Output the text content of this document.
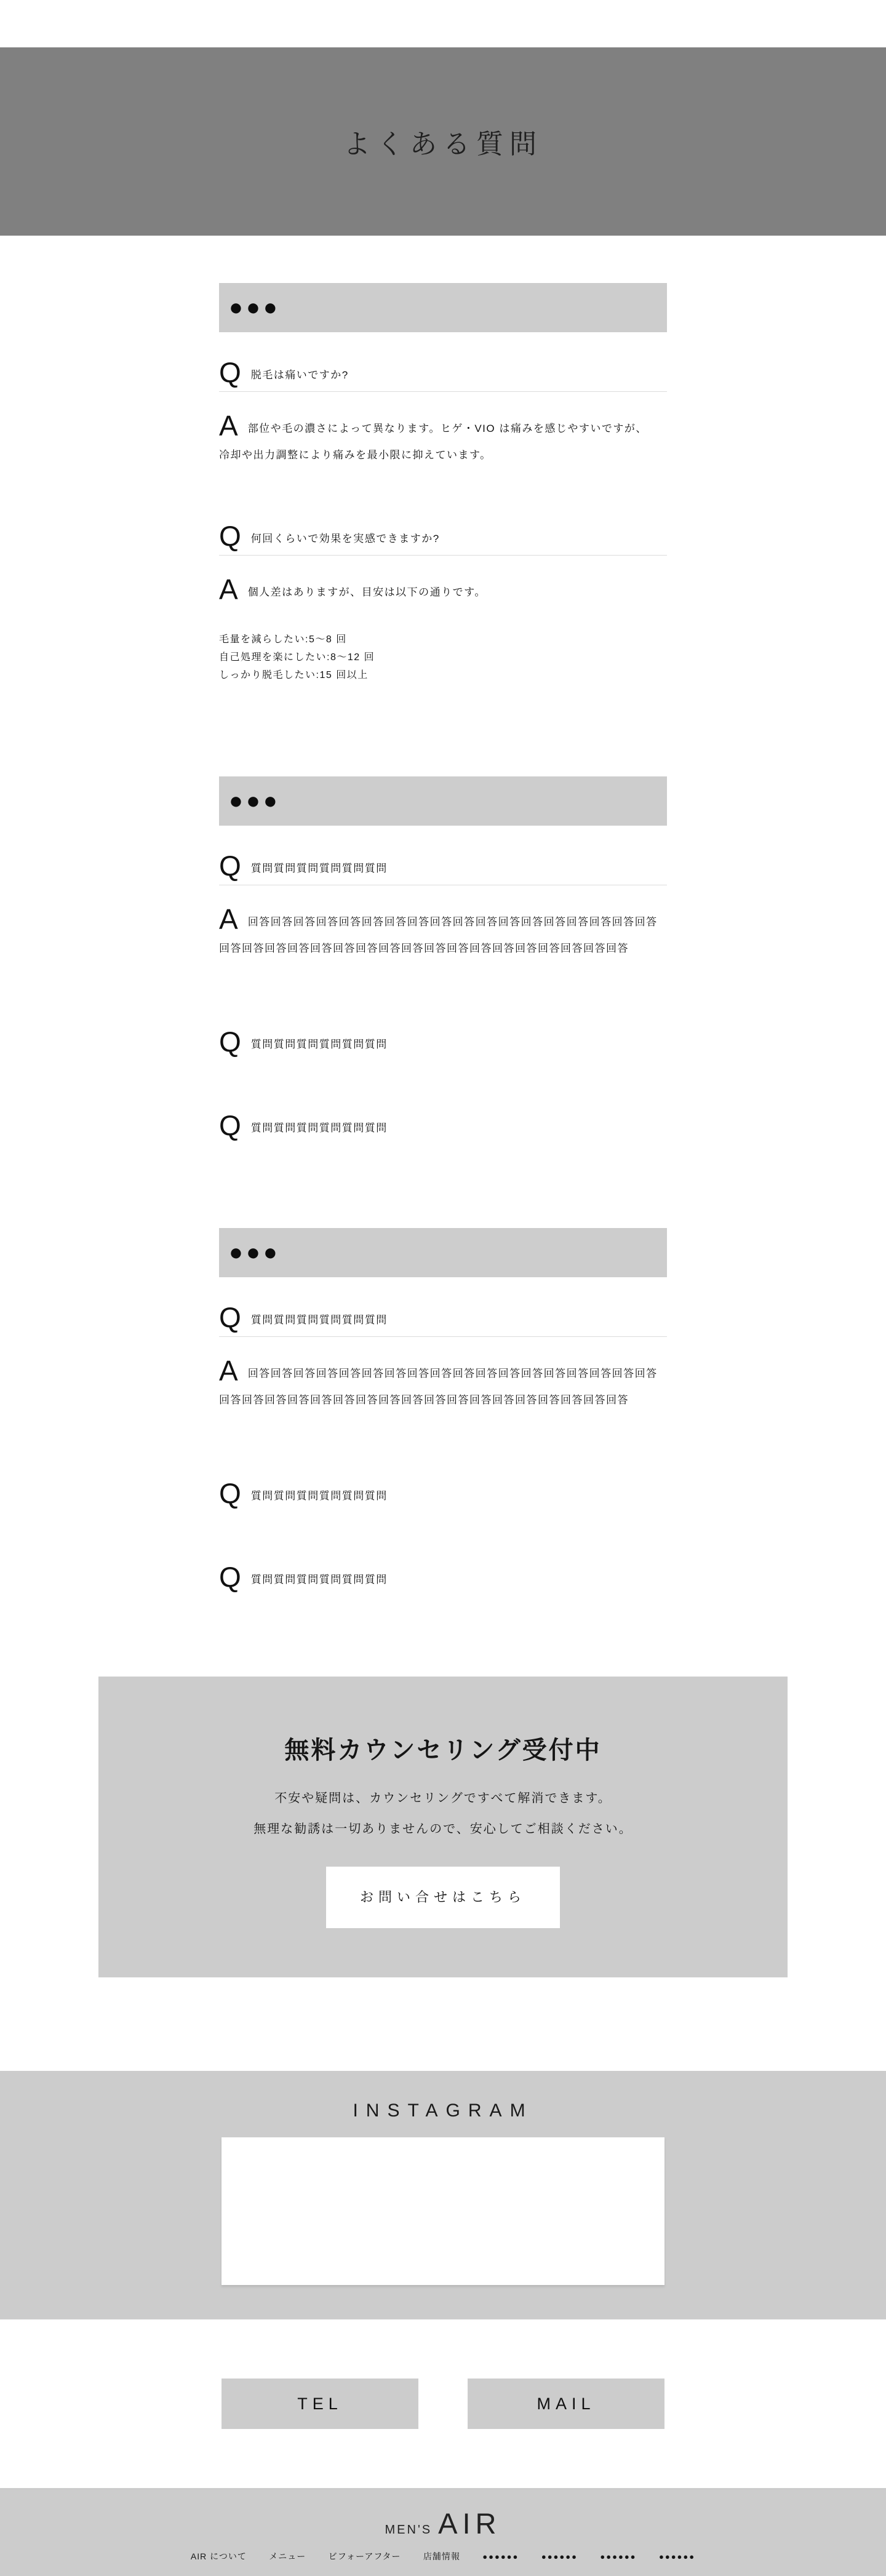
よくある質問
●●●
Q脱毛は痛いですか?
A部位や毛の濃さによって異なります。ヒゲ・VIO は痛みを感じやすいですが、
冷却や出力調整により痛みを最小限に抑えています。
Q何回くらいで効果を実感できますか?
A個人差はありますが、目安は以下の通りです。
毛量を減らしたい:5〜8 回
自己処理を楽にしたい:8〜12 回
しっかり脱毛したい:15 回以上
●●●
Q質問質問質問質問質問質問
A回答回答回答回答回答回答回答回答回答回答回答回答回答回答回答回答回答回答
回答回答回答回答回答回答回答回答回答回答回答回答回答回答回答回答回答回答
Q質問質問質問質問質問質問
Q質問質問質問質問質問質問
●●●
Q質問質問質問質問質問質問
A回答回答回答回答回答回答回答回答回答回答回答回答回答回答回答回答回答回答
回答回答回答回答回答回答回答回答回答回答回答回答回答回答回答回答回答回答
Q質問質問質問質問質問質問
Q質問質問質問質問質問質問
無料カウンセリング受付中
不安や疑問は、カウンセリングですべて解消できます。
無理な勧誘は一切ありませんので、安心してご相談ください。
お問い合せはこちら
INSTAGRAM
TEL	MAIL
MEN'S AIR
AIR について	メニュー	ビフォーアフター	店舗情報	●●●●●●	●●●●●●	●●●●●●	●●●●●●
